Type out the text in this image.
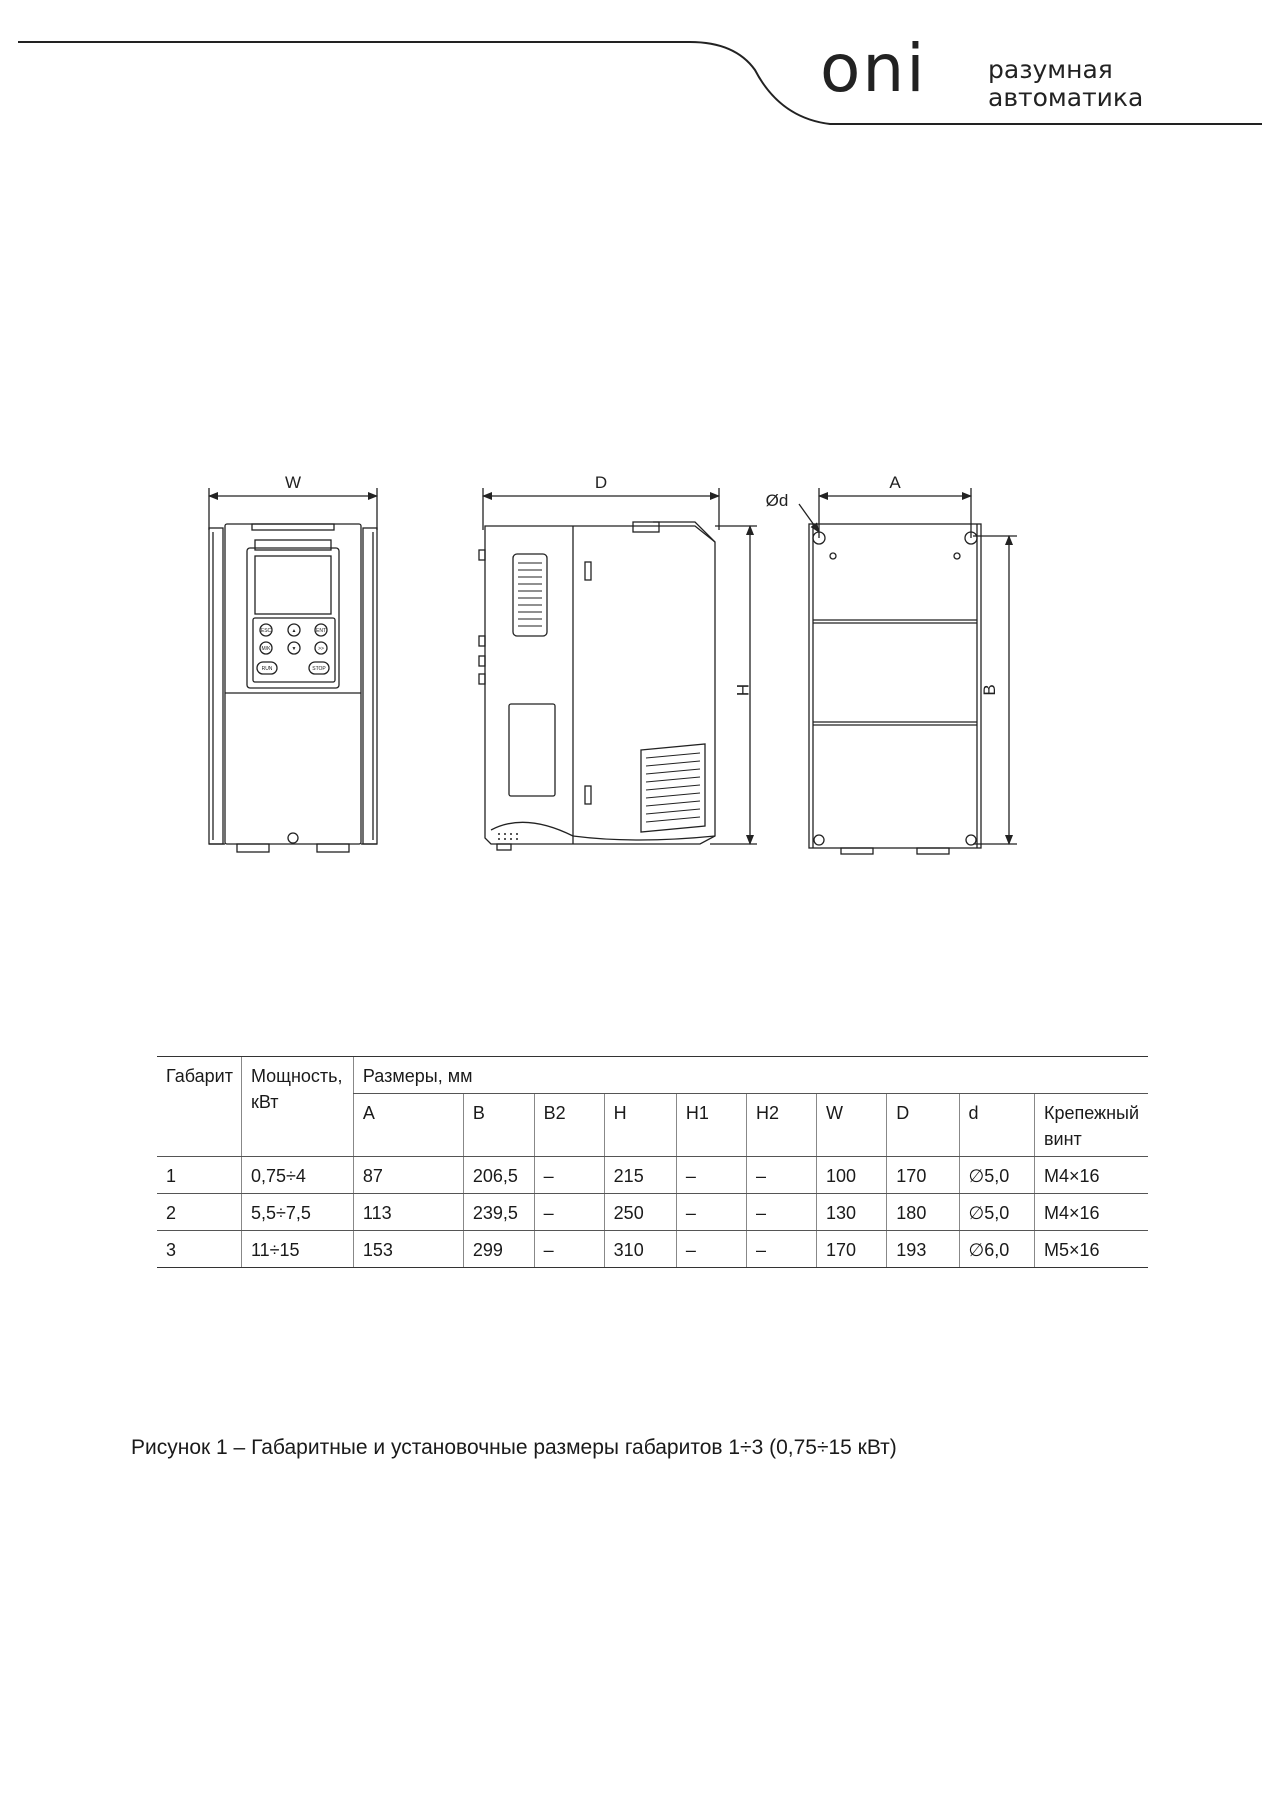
oni разумная
автоматика
W	D	A
Ød
H	B
ESC	▲	ENT
M/K	▼	>>
RUN	STOP
Габарит	Мощность, кВт	Размеры, мм									
		A	B	B2	H	H1	H2	W	D	d	Крепежный винт
1	0,75÷4	87	206,5	–	215	–	–	100	170	∅5,0	M4×16
2	5,5÷7,5	113	239,5	–	250	–	–	130	180	∅5,0	M4×16
3	11÷15	153	299	–	310	–	–	170	193	∅6,0	M5×16
Рисунок 1 – Габаритные и установочные размеры габаритов 1÷3 (0,75÷15 кВт)
